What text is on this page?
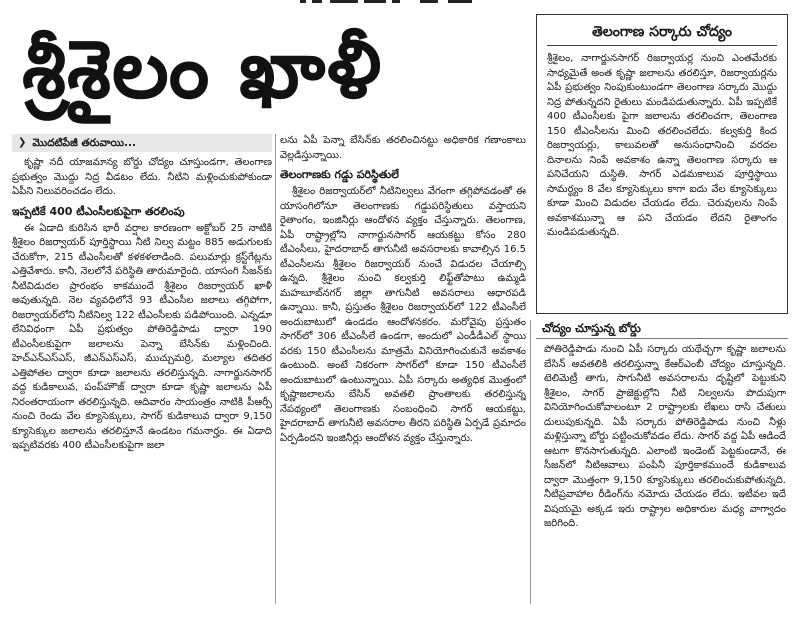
శ్రీశైలం ఖాళీ	తెలంగాణ సర్కారు చోద్యం
శ్రీశైలం, నాగార్జునసాగర్ రిజర్వాయర్ల నుంచి ఎంతమేరకు సాధ్యమైతే అంత కృష్ణా జలాలను తరలిస్తూ, రిజర్వాయర్లను ఏపీ ప్రభుత్వం నింపుకుంటుండగా తెలంగాణ సర్కారు మొద్దు నిద్ర పోతున్నదని రైతులు మండిపడుతున్నారు. ఏపీ ఇప్పటికే 400 టీఎంసీలకు పైగా జలాలను తరలించగా, తెలంగాణ 150 టీఎంసీలను మించి తరలించలేదు. కల్వకుర్తి కింద రిజర్వాయర్లు, కాలువలతో అనుసంధానించి వరదల దినాలను నింపే అవకాశం ఉన్నా తెలంగాణ సర్కారు ఆ పనిచేయని దుస్థితి. సాగర్ ఎడమకాలువ పూర్తిస్థాయి సామర్థ్యం 8 వేల క్యూసెక్కులు కాగా ఐదు వేల క్యూసెక్కులు కూడా మించి విడుదల చేయడం లేదు. చెరువులను నింపే అవకాశమున్నా ఆ పని చేయడం లేదని రైతాంగం మండిపడుతున్నది.
❯ మొదటిపేజీ తరువాయి...

కృష్ణా నదీ యాజమాన్య బోర్డు చోద్యం చూస్తుండగా, తెలంగాణ ప్రభుత్వం మొద్దు నిద్ర వీడటం లేదు. నీటిని మళ్లించుకుపోకుండా ఏపీని నిలువరించడం లేదు.

ఇప్పటికే 400 టీఎంసీలకుపైగా తరలింపు

ఈ ఏడాది కురిసిన భారీ వర్షాల కారణంగా అక్టోబర్ 25 నాటికి శ్రీశైలం రిజర్వాయర్ పూర్తిస్థాయి నీటి నిల్వ మట్టం 885 అడుగులకు చేరుకోగా, 215 టీఎంసీలతో కళకళలాడింది. పలుమార్లు క్రస్ట్‌గేట్లను ఎత్తివేశారు. కానీ, నెలలోనే పరిస్థితి తారుమారైంది. యాసంగి సీజన్‌కు నీటివిడుదల ప్రారంభం కాకముందే శ్రీశైలం రిజర్వాయర్ ఖాళీ అవుతున్నది. నెల వ్యవధిలోనే 93 టీఎంసీల జలాలు తగ్గిపోగా, రిజర్వాయర్‌లోని నీటినిల్వ 122 టీఎంసీలకు పడిపోయింది. ఎన్నడూ లేనివిధంగా ఏపీ ప్రభుత్వం పోతిరెడ్డిపాడు ద్వారా 190 టీఎంసీలకుపైగా జలాలను పెన్నా బేసిన్‌కు మళ్లించింది. హెచ్ఎన్ఎస్ఎస్, జీఎన్ఎస్ఎస్, ముచ్చుమర్రి, మల్యాల తదితర ఎత్తిపోతల ద్వారా కూడా జలాలను తరలిస్తున్నది. నాగార్జునసాగర్ వద్ద కుడికాలువ, పంప్‌హౌజ్ ద్వారా కూడా కృష్ణా జలాలను ఏపీ నిరంతరాయంగా తరలిస్తున్నది. ఆదివారం సాయంత్రం నాటికి పీఆర్పీ నుంచి రెండు వేల క్యూసెక్కులు, సాగర్ కుడికాలువ ద్వారా 9,150 క్యూసెక్కుల జలాలను తరలిస్తూనే ఉండటం గమనార్హం. ఈ ఏడాది ఇప్పటివరకు 400 టీఎంసీలకుపైగా జలా

లను ఏపీ పెన్నా బేసిన్‌కు తరలించినట్టు అధికారిక గణాంకాలు వెల్లడిస్తున్నాయి.

తెలంగాణకు గడ్డు పరిస్థితులే

శ్రీశైలం రిజర్వాయర్‌లో నీటినిల్వలు వేగంగా తగ్గిపోవడంతో ఈ యాసంగిలోనూ తెలంగాణకు గడ్డుపరిస్థితులు వస్తాయని రైతాంగం, ఇంజినీర్లు ఆందోళన వ్యక్తం చేస్తున్నారు. తెలంగాణ, ఏపీ రాష్ట్రాల్లోని నాగార్జునసాగర్ ఆయకట్టు కోసం 280 టీఎంసీలు, హైదరాబాద్ తాగునీటి అవసరాలకు కావాల్సిన 16.5 టీఎంసీలను శ్రీశైలం రిజర్వాయర్ నుంచే విడుదల చేయాల్సి ఉన్నది. శ్రీశైలం నుంచి కల్వకుర్తి లిఫ్ట్‌తోపాటు ఉమ్మడి మహబూబ్‌నగర్ జిల్లా తాగునీటి అవసరాలు ఆధారపడి ఉన్నాయి. కానీ, ప్రస్తుతం శ్రీశైలం రిజర్వాయర్‌లో 122 టీఎంసీలే అందుబాటులో ఉండడం ఆందోళనకరం. మరోవైపు ప్రస్తుతం సాగర్‌లో 306 టీఎంసీలే ఉండగా, అందులో ఎండీడీఎల్ స్థాయి వరకు 150 టీఎంసీలను మాత్రమే వినియోగించుకునే అవకాశం ఉంటుంది. అంటే నికరంగా సాగర్‌లో కూడా 150 టీఎంసీలే అందుబాటులో ఉంటున్నాయి. ఏపీ సర్కారు అత్యధిక మొత్తంలో కృష్ణాజలాలను బేసిన్ అవతలి ప్రాంతాలకు తరలిస్తున్న నేపథ్యంలో తెలంగాణకు సంబంధించి సాగర్ ఆయకట్టు, హైదరాబాద్ తాగునీటి అవసరాల తీరని పరిస్థితి ఏర్పడే ప్రమాదం ఏర్పడిందని ఇంజినీర్లు ఆందోళన వ్యక్తం చేస్తున్నారు.

చోద్యం చూస్తున్న బోర్డు
పోతిరెడ్డిపాడు నుంచి ఏపీ సర్కారు యథేచ్ఛగా కృష్ణా జలాలను బేసిన్ అవతలికి తరలిస్తున్నా కేఆర్ఎంబీ చోద్యం చూస్తున్నది. టెలిమెట్రీ తాగు, సాగునీటి అవసరాలను దృష్టిలో పెట్టుకుని శ్రీశైలం, సాగర్ ప్రాజెక్టుల్లోని నీటి నిల్వలను పొదుపుగా వినియోగించుకోవాలంటూ 2 రాష్ట్రాలకు లేఖలు రాసి చేతులు దులుపుకున్నది. ఏపీ సర్కారు పోతిరెడ్డిపాడు నుంచి నీళ్లు మళ్లిస్తున్నా బోర్డు పట్టించుకోవడం లేదు. సాగర్ వద్ద ఏపీ ఆడిందే ఆటగా కొనసాగుతున్నది. ఎలాంటి ఇండెంట్ పెట్టకుండానే, ఈ సీజన్‌లో నీటిఆవాలు పంపినీ పూర్తికాకముందే కుడికాలువ ద్వారా మొత్తంగా 9,150 క్యూసెక్కులు తరలించుకుపోతున్నది. నీటిప్రవాహాల రీడింగ్‌ను నమోదు చేయడం లేదు. ఇటీవల ఇదే విషయమై అక్కడ ఇరు రాష్ట్రాల అధికారుల మధ్య వాగ్వాదం జరిగింది.
